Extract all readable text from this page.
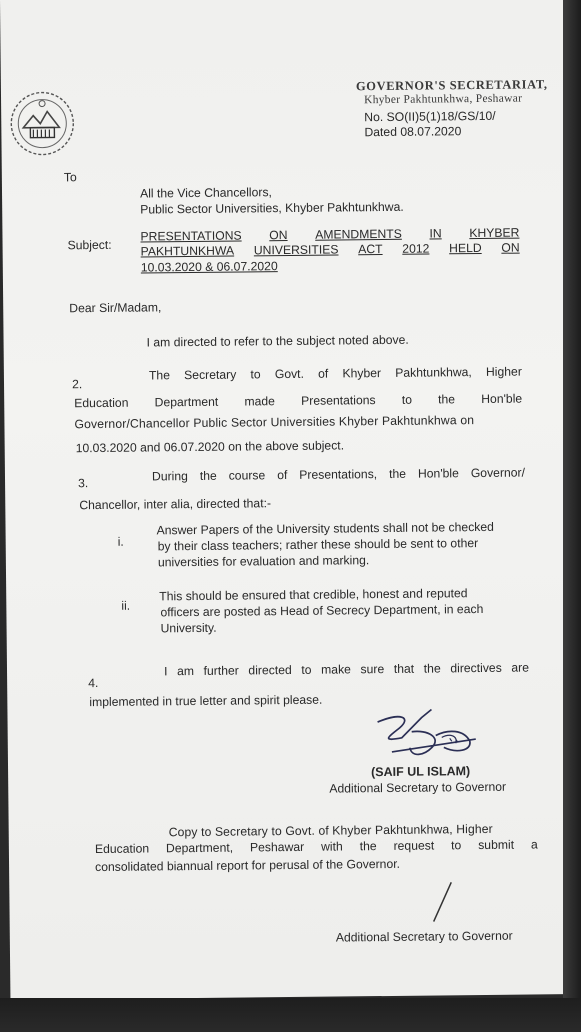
GOVERNOR'S SECRETARIAT,
Khyber Pakhtunkhwa, Peshawar
No. SO(II)5(1)18/GS/10/
Dated 08.07.2020
To
All the Vice Chancellors,
Public Sector Universities, Khyber Pakhtunkhwa.
Subject:
PRESENTATIONS ON AMENDMENTS IN KHYBER
PAKHTUNKHWA UNIVERSITIES ACT 2012 HELD ON
10.03.2020 & 06.07.2020
Dear Sir/Madam,
I am directed to refer to the subject noted above.
2.
The Secretary to Govt. of Khyber Pakhtunkhwa, Higher
Education Department made Presentations to the Hon'ble
Governor/Chancellor Public Sector Universities Khyber Pakhtunkhwa on
10.03.2020 and 06.07.2020 on the above subject.
3.	During the course of Presentations, the Hon'ble Governor/
Chancellor, inter alia, directed that:-
i.
Answer Papers of the University students shall not be checked
by their class teachers; rather these should be sent to other
universities for evaluation and marking.
ii.
This should be ensured that credible, honest and reputed
officers are posted as Head of Secrecy Department, in each
University.
4.
I am further directed to make sure that the directives are
implemented in true letter and spirit please.
(SAIF UL ISLAM)
Additional Secretary to Governor
Copy to Secretary to Govt. of Khyber Pakhtunkhwa, Higher
Education Department, Peshawar with the request to submit a
consolidated biannual report for perusal of the Governor.
Additional Secretary to Governor
